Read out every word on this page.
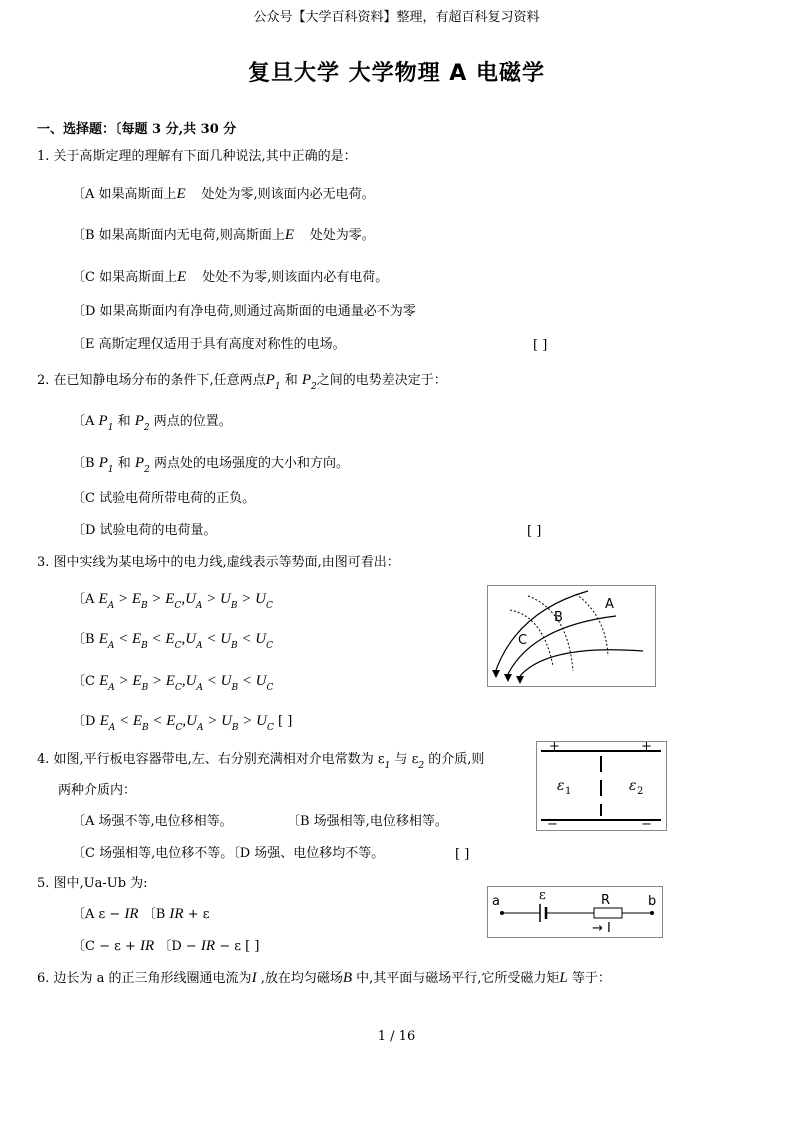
公众号【大学百科资料】整理，有超百科复习资料
复旦大学 大学物理 A 电磁学
一、选择题：〔每题 3 分,共 30 分
1. 关于高斯定理的理解有下面几种说法,其中正确的是：
〔A 如果高斯面上E⃗ 处处为零,则该面内必无电荷。
〔B 如果高斯面内无电荷,则高斯面上E⃗ 处处为零。
〔C 如果高斯面上E⃗ 处处不为零,则该面内必有电荷。
〔D 如果高斯面内有净电荷,则通过高斯面的电通量必不为零
〔E 高斯定理仅适用于具有高度对称性的电场。	[ ]
2. 在已知静电场分布的条件下,任意两点$P_1$ 和 $P_2$之间的电势差决定于：
〔A $P_1$ 和 $P_2$ 两点的位置。
〔B $P_1$ 和 $P_2$ 两点处的电场强度的大小和方向。
〔C 试验电荷所带电荷的正负。
〔D 试验电荷的电荷量。	[ ]
3. 图中实线为某电场中的电力线,虚线表示等势面,由图可看出：
〔A $E_A > E_B > E_C,U_A > U_B > U_C$
〔B $E_A < E_B < E_C,U_A < U_B < U_C$
〔C $E_A > E_B > E_C,U_A < U_B < U_C$
〔D $E_A < E_B < E_C,U_A > U_B > U_C$ [ ]
A
B
C
4. 如图,平行板电容器带电,左、右分别充满相对介电常数为 $\varepsilon_1$ 与 $\varepsilon_2$ 的介质,则
两种介质内：
〔A 场强不等,电位移相等。	〔B 场强相等,电位移相等。
〔C 场强相等,电位移不等。〔D 场强、电位移均不等。	[ ]
+	+
−	−
ε 1	ε 2
5. 图中,Ua-Ub 为:
〔A ε − IR 〔B IR + ε
〔C − ε + IR 〔D − IR − ε [ ]
a	b
ε	R
→ I
6. 边长为 a 的正三角形线圈通电流为I ,放在均匀磁场B 中,其平面与磁场平行,它所受磁力矩L 等于：
1 / 16
